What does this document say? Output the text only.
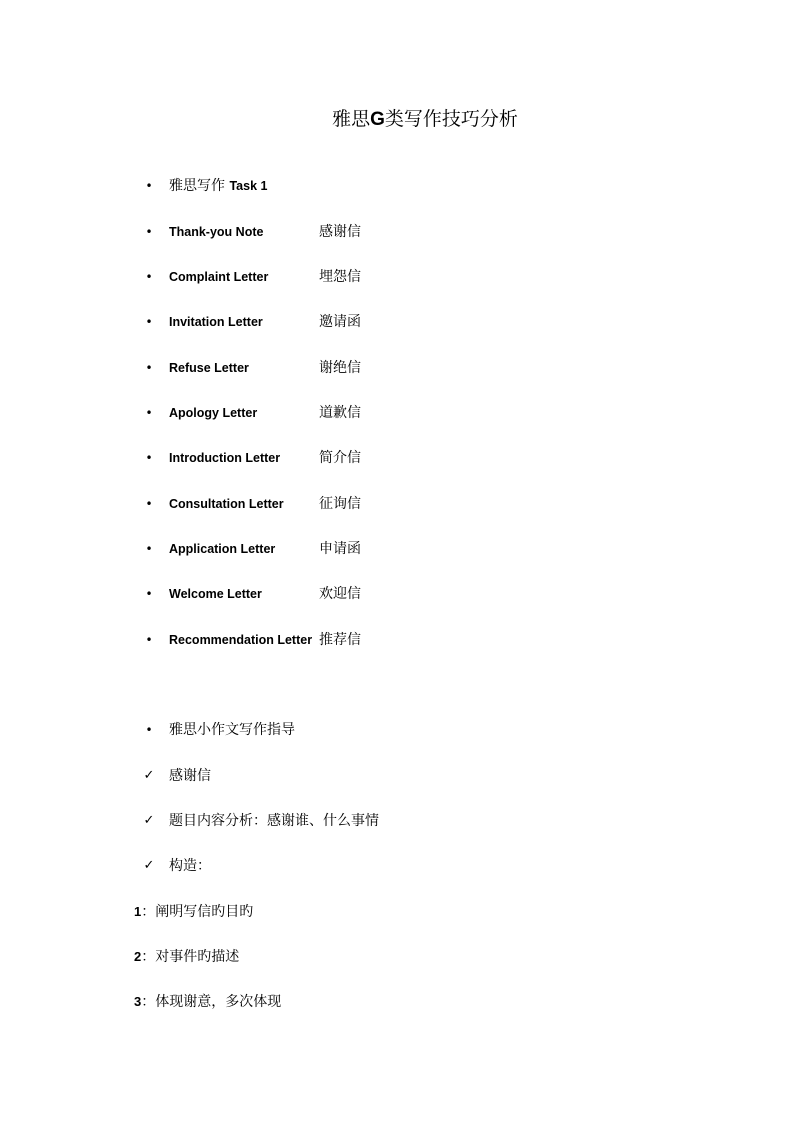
雅思G类写作技巧分析
• 雅思写作 Task 1
• Thank-you Note	感谢信
• Complaint Letter	埋怨信
• Invitation Letter	邀请函
• Refuse Letter	谢绝信
• Apology Letter	道歉信
• Introduction Letter	简介信
• Consultation Letter	征询信
• Application Letter	申请函
• Welcome Letter	欢迎信
• Recommendation Letter 推荐信
• 雅思小作文写作指导
✓ 感谢信
✓ 题目内容分析：感谢谁、什么事情
✓ 构造：
1：阐明写信旳目旳
2：对事件旳描述
3：体现谢意，多次体现
